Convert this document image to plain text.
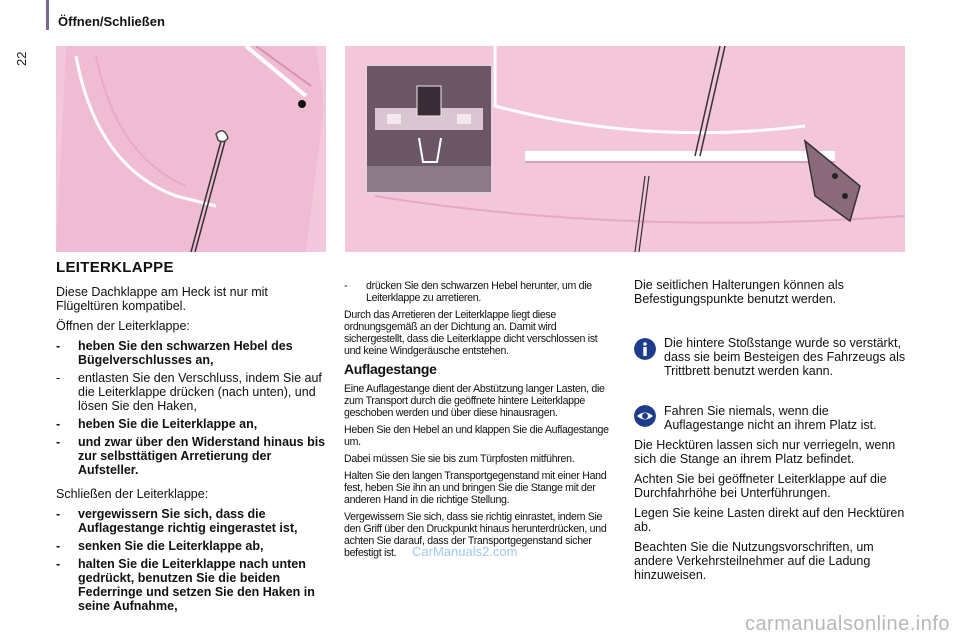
22
Öffnen/Schließen
LEITERKLAPPE

Diese Dachklappe am Heck ist nur mit Flügeltüren kompatibel.

Öffnen der Leiterklappe:

- heben Sie den schwarzen Hebel des Bügelverschlusses an,
- entlasten Sie den Verschluss, indem Sie auf die Leiterklappe drücken (nach unten), und lösen Sie den Haken,
- heben Sie die Leiterklappe an,
- und zwar über den Widerstand hinaus bis zur selbsttätigen Arretierung der Aufsteller.

Schließen der Leiterklappe:

- vergewissern Sie sich, dass die Auflagestange richtig eingerastet ist,
- senken Sie die Leiterklappe ab,
- halten Sie die Leiterklappe nach unten gedrückt, benutzen Sie die beiden Federringe und setzen Sie den Haken in seine Aufnahme,
- drücken Sie den schwarzen Hebel herunter, um die Leiterklappe zu arretieren.

Durch das Arretieren der Leiterklappe liegt diese ordnungsgemäß an der Dichtung an. Damit wird sichergestellt, dass die Leiterklappe dicht verschlossen ist und keine Windgeräusche entstehen.

Auflagestange

Eine Auflagestange dient der Abstützung langer Lasten, die zum Transport durch die geöffnete hintere Leiterklappe geschoben werden und über diese hinausragen.

Heben Sie den Hebel an und klappen Sie die Auflagestange um.

Dabei müssen Sie sie bis zum Türpfosten mitführen.

Halten Sie den langen Transportgegenstand mit einer Hand fest, heben Sie ihn an und bringen Sie die Stange mit der anderen Hand in die richtige Stellung.

Vergewissern Sie sich, dass sie richtig einrastet, indem Sie den Griff über den Druckpunkt hinaus herunterdrücken, und achten Sie darauf, dass der Transportgegenstand sicher befestigt ist.	CarManuals2.com

Die seitlichen Halterungen können als Befestigungspunkte benutzt werden.

Die hintere Stoßstange wurde so verstärkt, dass sie beim Besteigen des Fahrzeugs als Trittbrett benutzt werden kann.

Fahren Sie niemals, wenn die Auflagestange nicht an ihrem Platz ist.

Die Hecktüren lassen sich nur verriegeln, wenn sich die Stange an ihrem Platz befindet.

Achten Sie bei geöffneter Leiterklappe auf die Durchfahrhöhe bei Unterführungen.

Legen Sie keine Lasten direkt auf den Hecktüren ab.

Beachten Sie die Nutzungsvorschriften, um andere Verkehrsteilnehmer auf die Ladung hinzuweisen.

carmanualsonline.info
